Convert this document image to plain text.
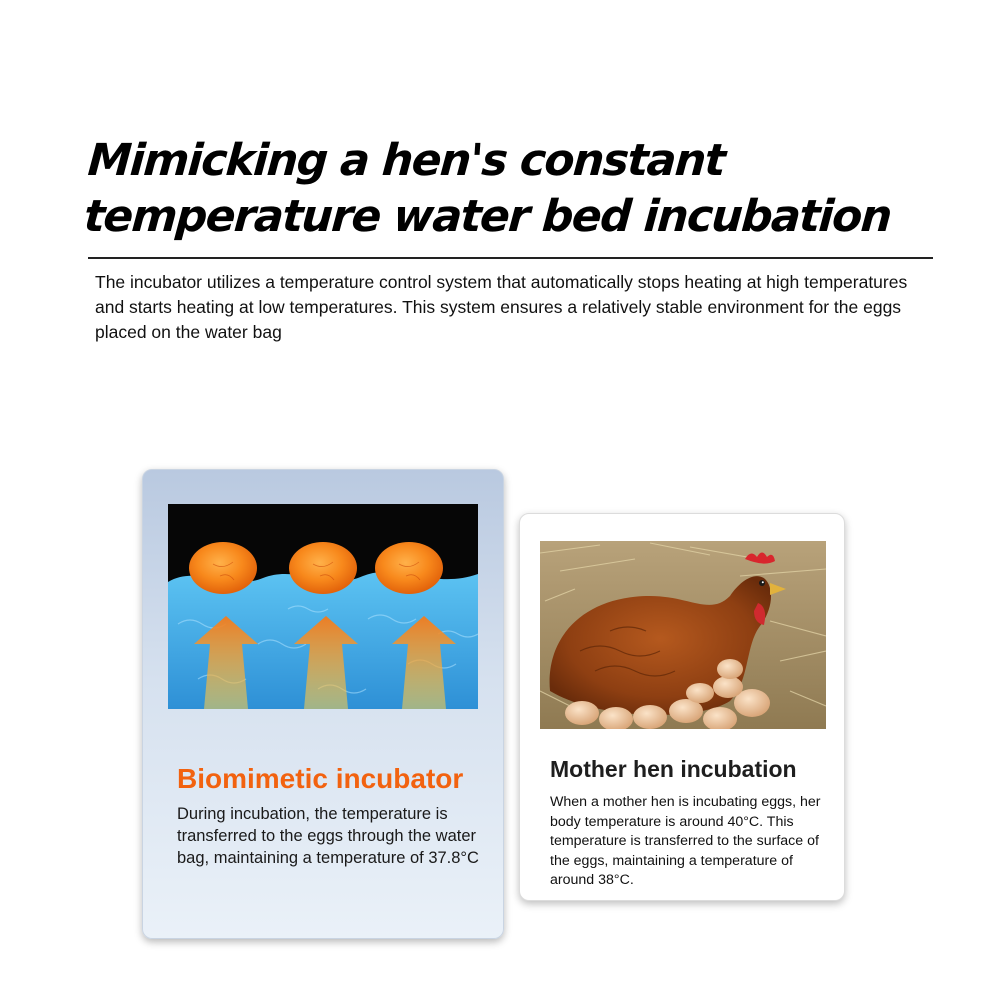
Mimicking a hen's constant temperature water bed incubation

The incubator utilizes a temperature control system that automatically stops heating at high temperatures and starts heating at low temperatures. This system ensures a relatively stable environment for the eggs placed on the water bag

Biomimetic incubator

During incubation, the temperature is transferred to the eggs through the water bag, maintaining a temperature of 37.8°C

Mother hen incubation

When a mother hen is incubating eggs, her body temperature is around 40°C. This temperature is transferred to the surface of the eggs, maintaining a temperature of around 38°C.
